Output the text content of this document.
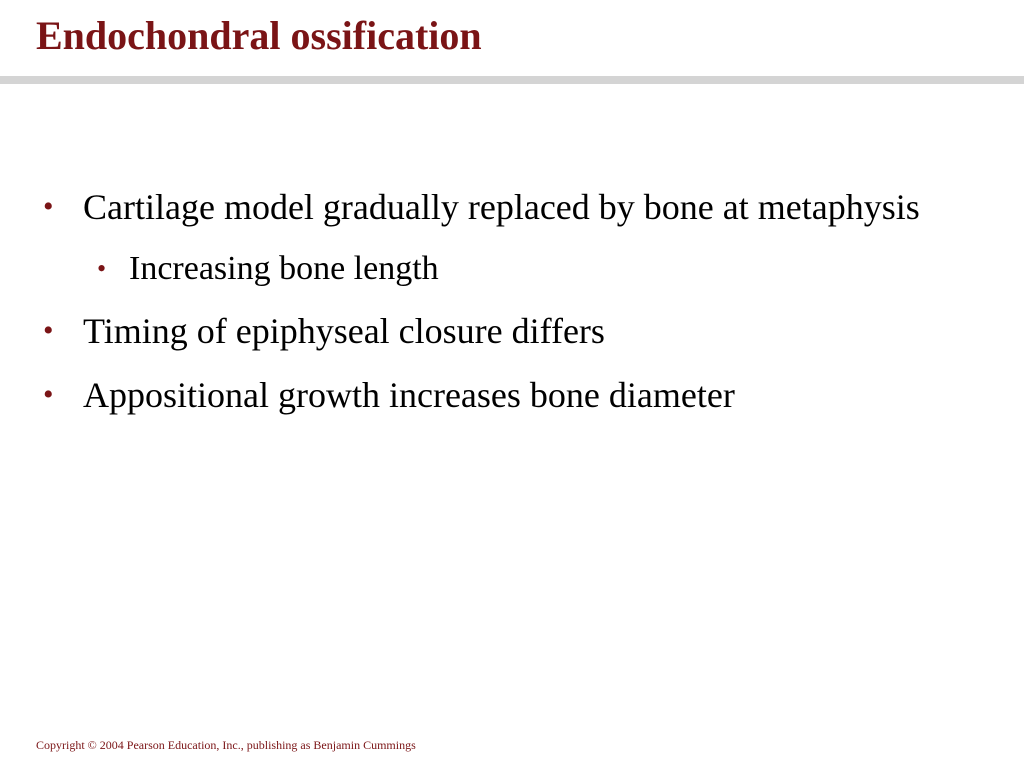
Endochondral ossification
• Cartilage model gradually replaced by bone at metaphysis
• Increasing bone length
• Timing of epiphyseal closure differs
• Appositional growth increases bone diameter
Copyright © 2004 Pearson Education, Inc., publishing as Benjamin Cummings
